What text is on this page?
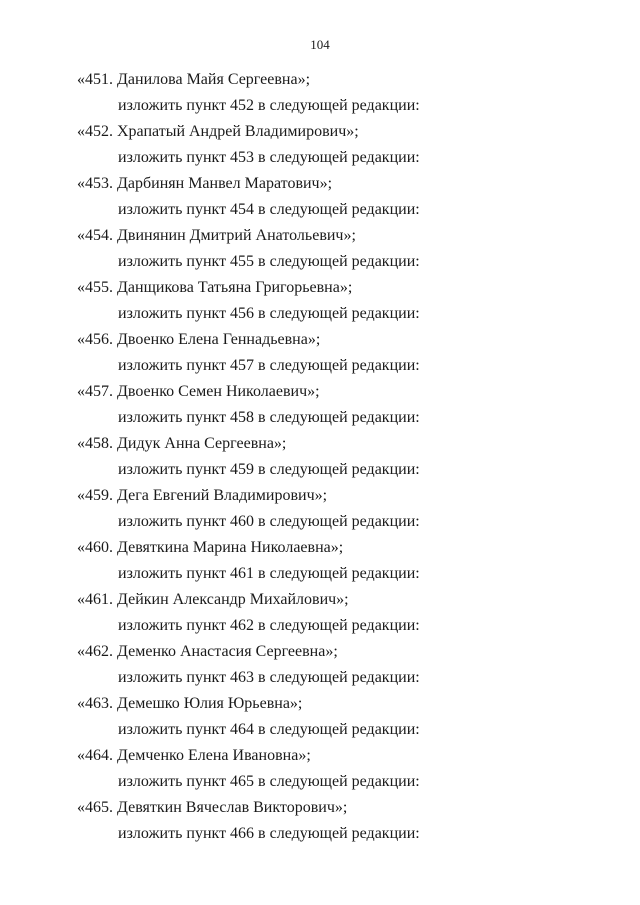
104
«451. Данилова Майя Сергеевна»;
изложить пункт 452 в следующей редакции:
«452. Храпатый Андрей Владимирович»;
изложить пункт 453 в следующей редакции:
«453. Дарбинян Манвел Маратович»;
изложить пункт 454 в следующей редакции:
«454. Двинянин Дмитрий Анатольевич»;
изложить пункт 455 в следующей редакции:
«455. Данщикова Татьяна Григорьевна»;
изложить пункт 456 в следующей редакции:
«456. Двоенко Елена Геннадьевна»;
изложить пункт 457 в следующей редакции:
«457. Двоенко Семен Николаевич»;
изложить пункт 458 в следующей редакции:
«458. Дидук Анна Сергеевна»;
изложить пункт 459 в следующей редакции:
«459. Дега Евгений Владимирович»;
изложить пункт 460 в следующей редакции:
«460. Девяткина Марина Николаевна»;
изложить пункт 461 в следующей редакции:
«461. Дейкин Александр Михайлович»;
изложить пункт 462 в следующей редакции:
«462. Деменко Анастасия Сергеевна»;
изложить пункт 463 в следующей редакции:
«463. Демешко Юлия Юрьевна»;
изложить пункт 464 в следующей редакции:
«464. Демченко Елена Ивановна»;
изложить пункт 465 в следующей редакции:
«465. Девяткин Вячеслав Викторович»;
изложить пункт 466 в следующей редакции:
